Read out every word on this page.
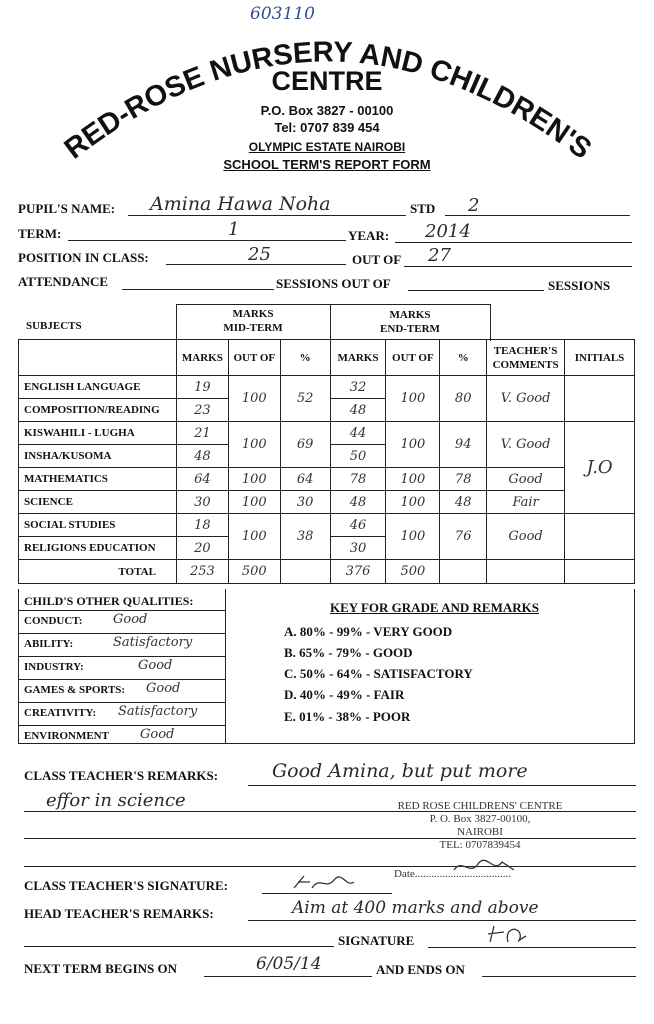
603110
RED-ROSE NURSERY AND CHILDREN'S
CENTRE
P.O. Box 3827 - 00100
Tel: 0707 839 454
OLYMPIC ESTATE NAIROBI
SCHOOL TERM'S REPORT FORM
PUPIL'S NAME: Amina Hawa Noha	STD 2
TERM:	1	YEAR: 2014
POSITION IN CLASS:	25	OUT OF 27
ATTENDANCE	SESSIONS OUT OF	SESSIONS
MARKS
MID-TERM
MARKS
END-TERM
SUBJECTS
	MARKS	OUT OF	%	MARKS	OUT OF	%	TEACHER'S
COMMENTS	INITIALS
ENGLISH LANGUAGE	19	100	52	32	100	80	V. Good	
COMPOSITION/READING	23			48				
KISWAHILI - LUGHA	21	100	69	44	100	94	V. Good	J.O
INSHA/KUSOMA	48			50				
MATHEMATICS	64	100	64	78	100	78	Good	
SCIENCE	30	100	30	48	100	48	Fair	
SOCIAL STUDIES	18	100	38	46	100	76	Good	
RELIGIONS EDUCATION	20			30				
TOTAL	253	500		376	500			
CHILD'S OTHER QUALITIES:
CONDUCT: Good
ABILITY:	Satisfactory
INDUSTRY:	Good
GAMES & SPORTS: Good
CREATIVITY: Satisfactory
ENVIRONMENT Good
KEY FOR GRADE AND REMARKS
A. 80% - 99% - VERY GOOD
B. 65% - 79% - GOOD
C. 50% - 64% - SATISFACTORY
D. 40% - 49% - FAIR
E. 01% - 38% - POOR
CLASS TEACHER'S REMARKS:	Good Amina, but put more
effor in science	RED ROSE CHILDRENS' CENTRE
P. O. Box 3827-00100,
NAIROBI
TEL: 0707839454
Date...................................
CLASS TEACHER'S SIGNATURE:
HEAD TEACHER'S REMARKS:	Aim at 400 marks and above
SIGNATURE
NEXT TERM BEGINS ON	6/05/14	AND ENDS ON
